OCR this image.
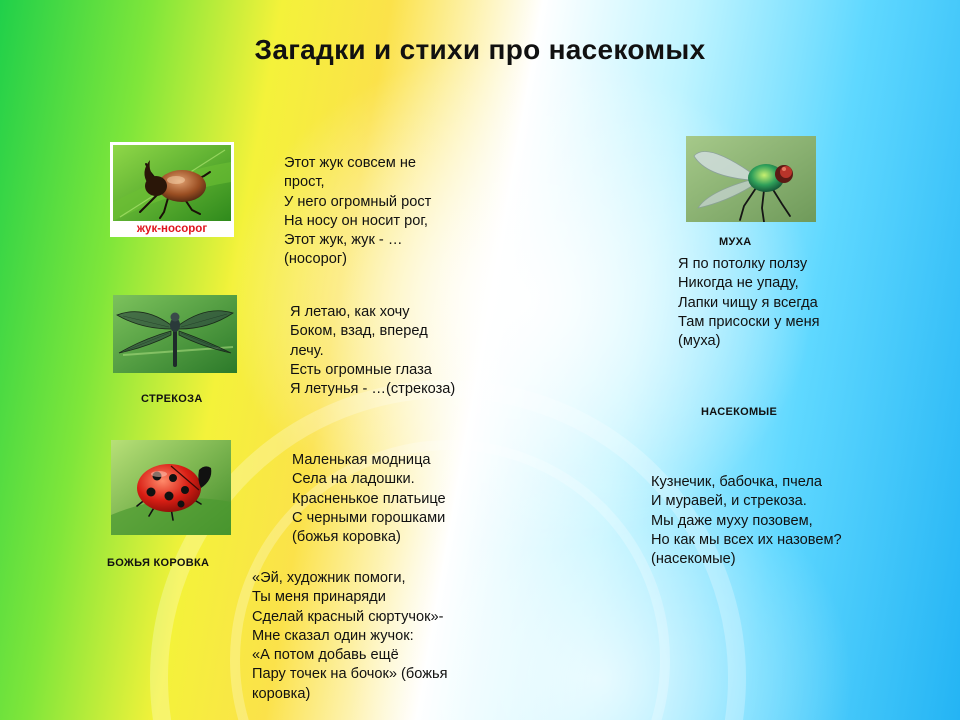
Загадки и стихи про насекомых
жук-носорог

Этот жук совсем не
прост,
У него огромный рост
На носу он носит рог,
Этот жук, жук - …
(носорог)

МУХА

Я по потолку ползу
Никогда не упаду,
Лапки чищу я всегда
Там присоски у меня
(муха)

Я летаю, как хочу
Боком, взад, вперед
лечу.
Есть огромные глаза
Я летунья - …(стрекоза)

СТРЕКОЗА

НАСЕКОМЫЕ

Маленькая модница
Села на ладошки.
Красненькое платьице
С черными горошками
(божья коровка)

Кузнечик, бабочка, пчела
И муравей, и стрекоза.
Мы даже муху позовем,
Но как мы всех их назовем?
(насекомые)

БОЖЬЯ КОРОВКА

«Эй, художник помоги,
Ты меня принаряди
Сделай красный сюртучок»-
Мне сказал один жучок:
«А потом добавь ещё
Пару точек на бочок» (божья
коровка)
